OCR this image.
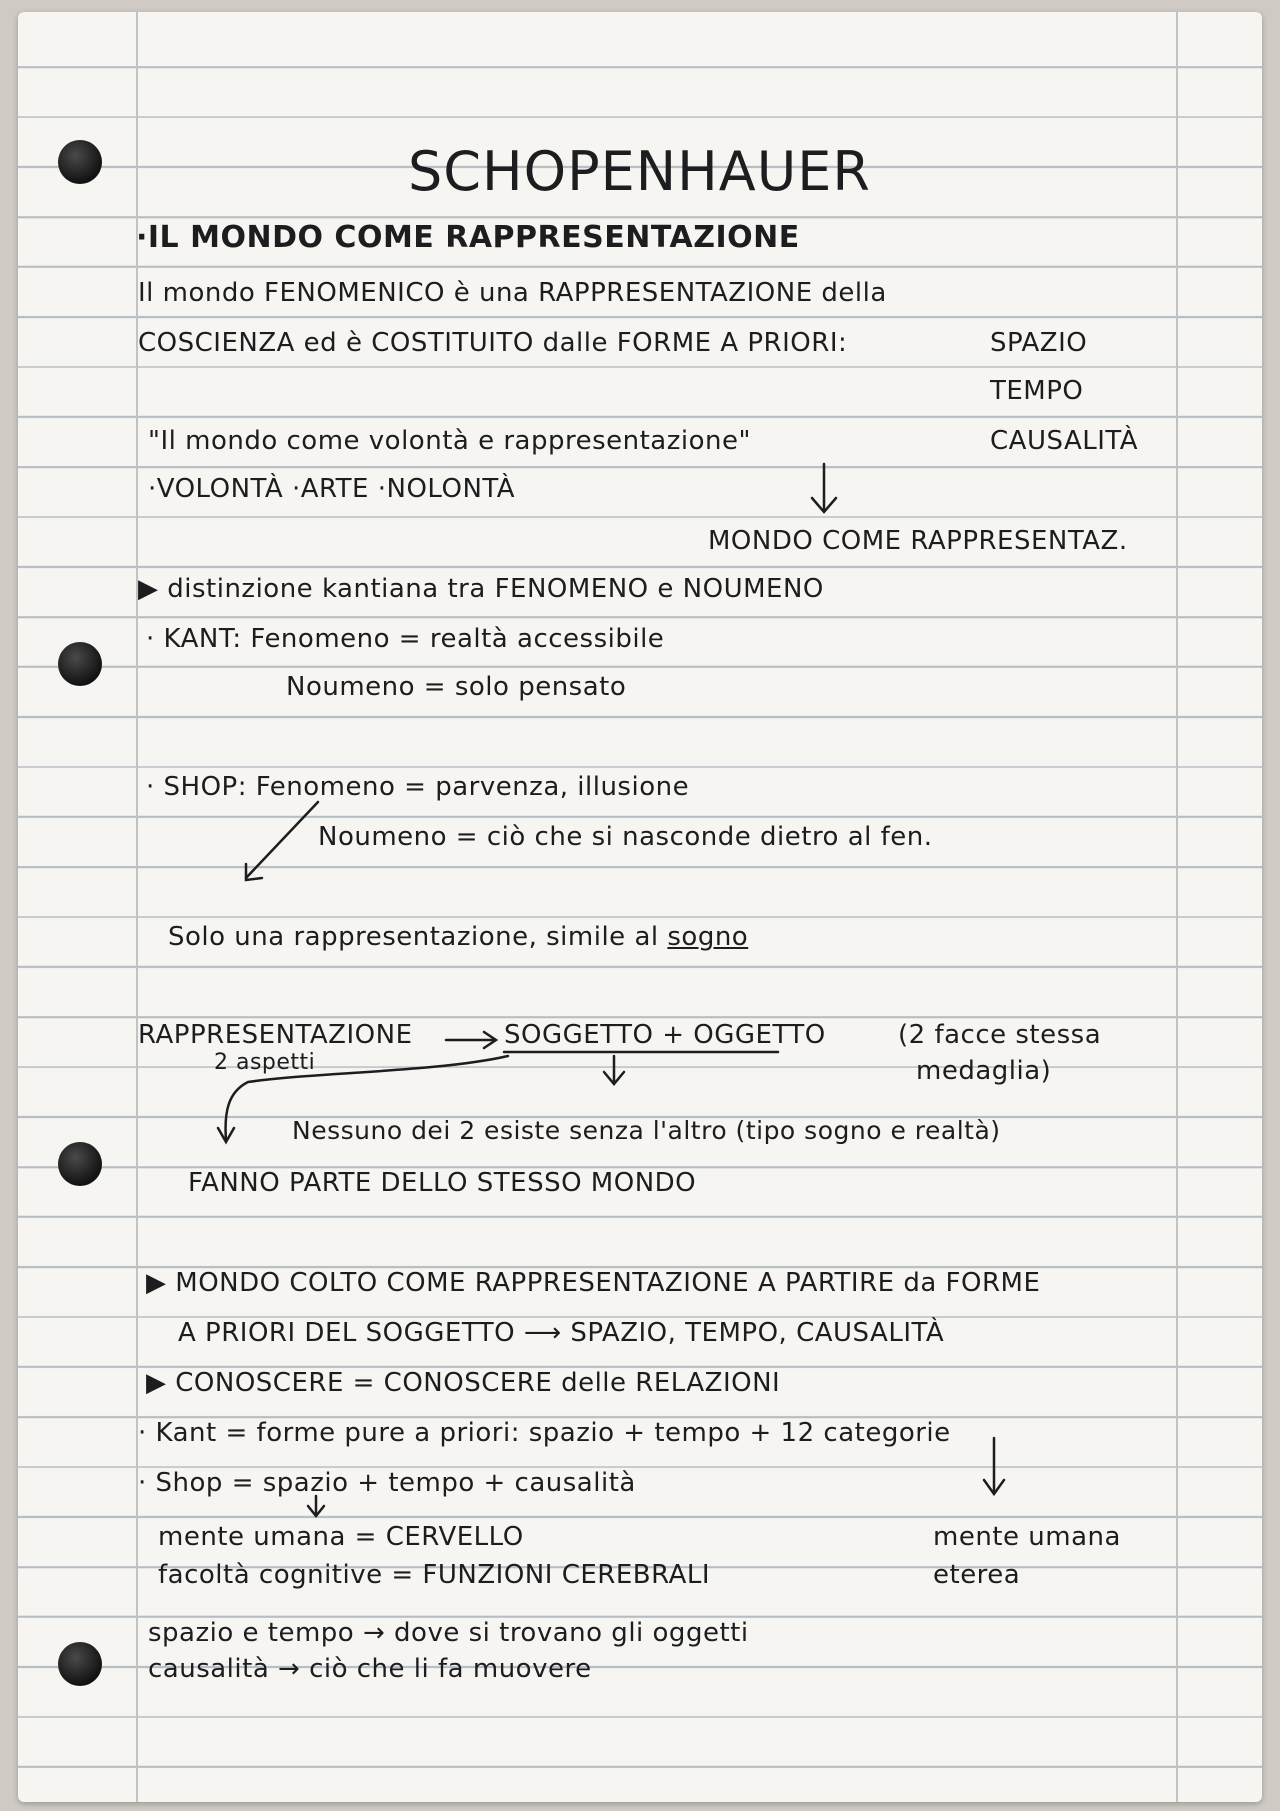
SCHOPENHAUER
·IL MONDO COME RAPPRESENTAZIONE
Il mondo FENOMENICO è una RAPPRESENTAZIONE della
COSCIENZA ed è COSTITUITO dalle FORME A PRIORI:	SPAZIO
TEMPO
CAUSALITÀ
"Il mondo come volontà e rappresentazione"
·VOLONTÀ ·ARTE ·NOLONTÀ
MONDO COME RAPPRESENTAZ.
▶ distinzione kantiana tra FENOMENO e NOUMENO
· KANT: Fenomeno = realtà accessibile
Noumeno = solo pensato
· SHOP: Fenomeno = parvenza, illusione
Noumeno = ciò che si nasconde dietro al fen.
Solo una rappresentazione, simile al sogno
RAPPRESENTAZIONE	SOGGETTO + OGGETTO	(2 facce stessa
medaglia)
2 aspetti
Nessuno dei 2 esiste senza l'altro (tipo sogno e realtà)
FANNO PARTE DELLO STESSO MONDO
▶ MONDO COLTO COME RAPPRESENTAZIONE A PARTIRE da FORME
A PRIORI DEL SOGGETTO ⟶ SPAZIO, TEMPO, CAUSALITÀ
▶ CONOSCERE = CONOSCERE delle RELAZIONI
· Kant = forme pure a priori: spazio + tempo + 12 categorie
· Shop = spazio + tempo + causalità
mente umana = CERVELLO
facoltà cognitive = FUNZIONI CEREBRALI
mente umana
eterea
spazio e tempo → dove si trovano gli oggetti
causalità → ciò che li fa muovere
